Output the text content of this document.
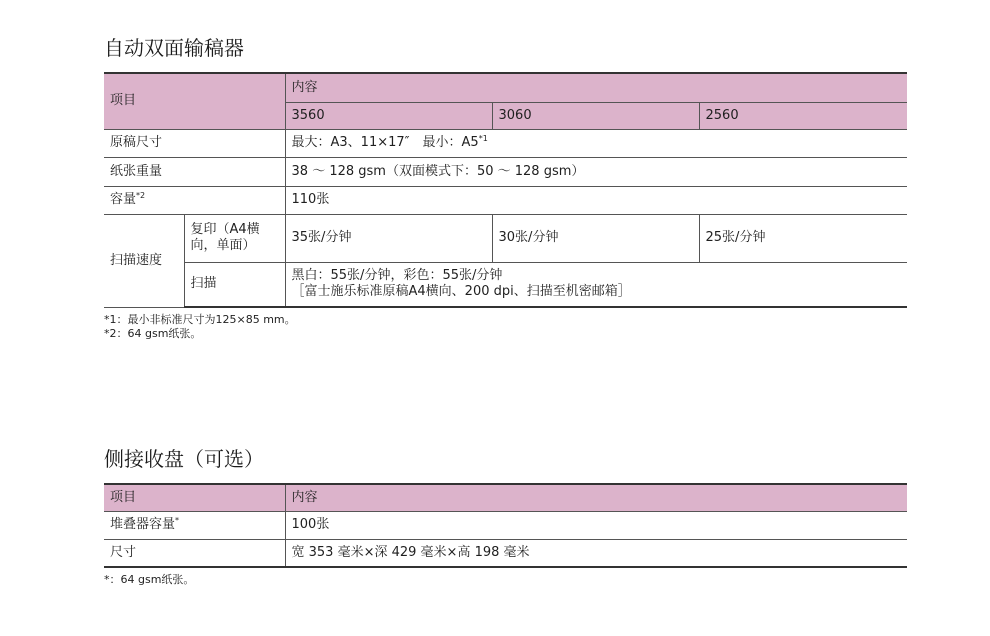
自动双面输稿器
项目		内容		
		3560	3060	2560
原稿尺寸		最大：A3、11×17″　最小：A5$^{*1}$
纸张重量		38 ～ 128 gsm（双面模式下：50 ～ 128 gsm）		
容量$^{*2}$		110张		
扫描速度	复印（A4横向，单面）	35张/分钟	30张/分钟	25张/分钟
	扫描	黑白：55张/分钟，彩色：55张/分钟
［富士施乐标准原稿A4横向、200 dpi、扫描至机密邮箱］		
*1：最小非标准尺寸为125×85 mm。
*2：64 gsm纸张。
侧接收盘（可选）
项目	内容
堆叠器容量*	100张
尺寸	宽 353 毫米×深 429 毫米×高 198 毫米
*：64 gsm纸张。
